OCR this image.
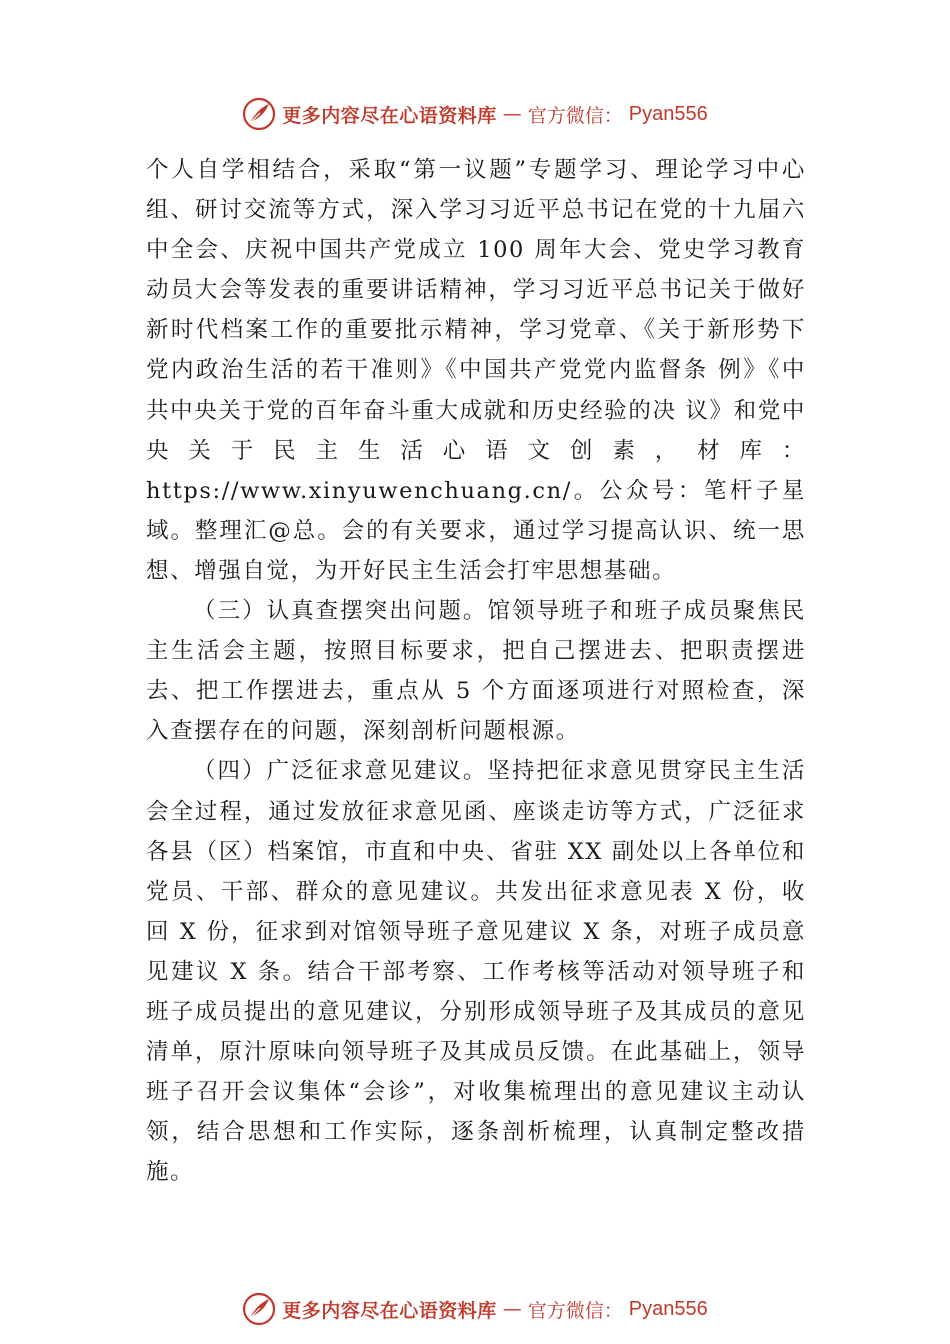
更多内容尽在心语资料库 — 官方微信： Pyan556

个人自学相结合，采取“第一议题”专题学习、理论学习中心组、研讨交流等方式，深入学习习近平总书记在党的十九届六中全会、庆祝中国共产党成立 100 周年大会、党史学习教育动员大会等发表的重要讲话精神，学习习近平总书记关于做好新时代档案工作的重要批示精神，学习党章、《关于新形势下党内政治生活的若干准则》《中国共产党党内监督条 例》《中共中央关于党的百年奋斗重大成就和历史经验的决 议》和党中央关于民主生活心语文创素，材库：https://www.xinyuwenchuang.cn/。公众号：笔杆子星域。整理汇@总。会的有关要求，通过学习提高认识、统一思想、增强自觉，为开好民主生活会打牢思想基础。

（三）认真查摆突出问题。馆领导班子和班子成员聚焦民主生活会主题，按照目标要求，把自己摆进去、把职责摆进去、把工作摆进去，重点从 5 个方面逐项进行对照检查，深入查摆存在的问题，深刻剖析问题根源。

（四）广泛征求意见建议。坚持把征求意见贯穿民主生活会全过程，通过发放征求意见函、座谈走访等方式，广泛征求各县（区）档案馆，市直和中央、省驻 XX 副处以上各单位和党员、干部、群众的意见建议。共发出征求意见表 X 份，收回 X 份，征求到对馆领导班子意见建议 X 条，对班子成员意见建议 X 条。结合干部考察、工作考核等活动对领导班子和班子成员提出的意见建议，分别形成领导班子及其成员的意见清单，原汁原味向领导班子及其成员反馈。在此基础上，领导班子召开会议集体“会诊”，对收集梳理出的意见建议主动认领，结合思想和工作实际，逐条剖析梳理，认真制定整改措施。

更多内容尽在心语资料库 — 官方微信： Pyan556
